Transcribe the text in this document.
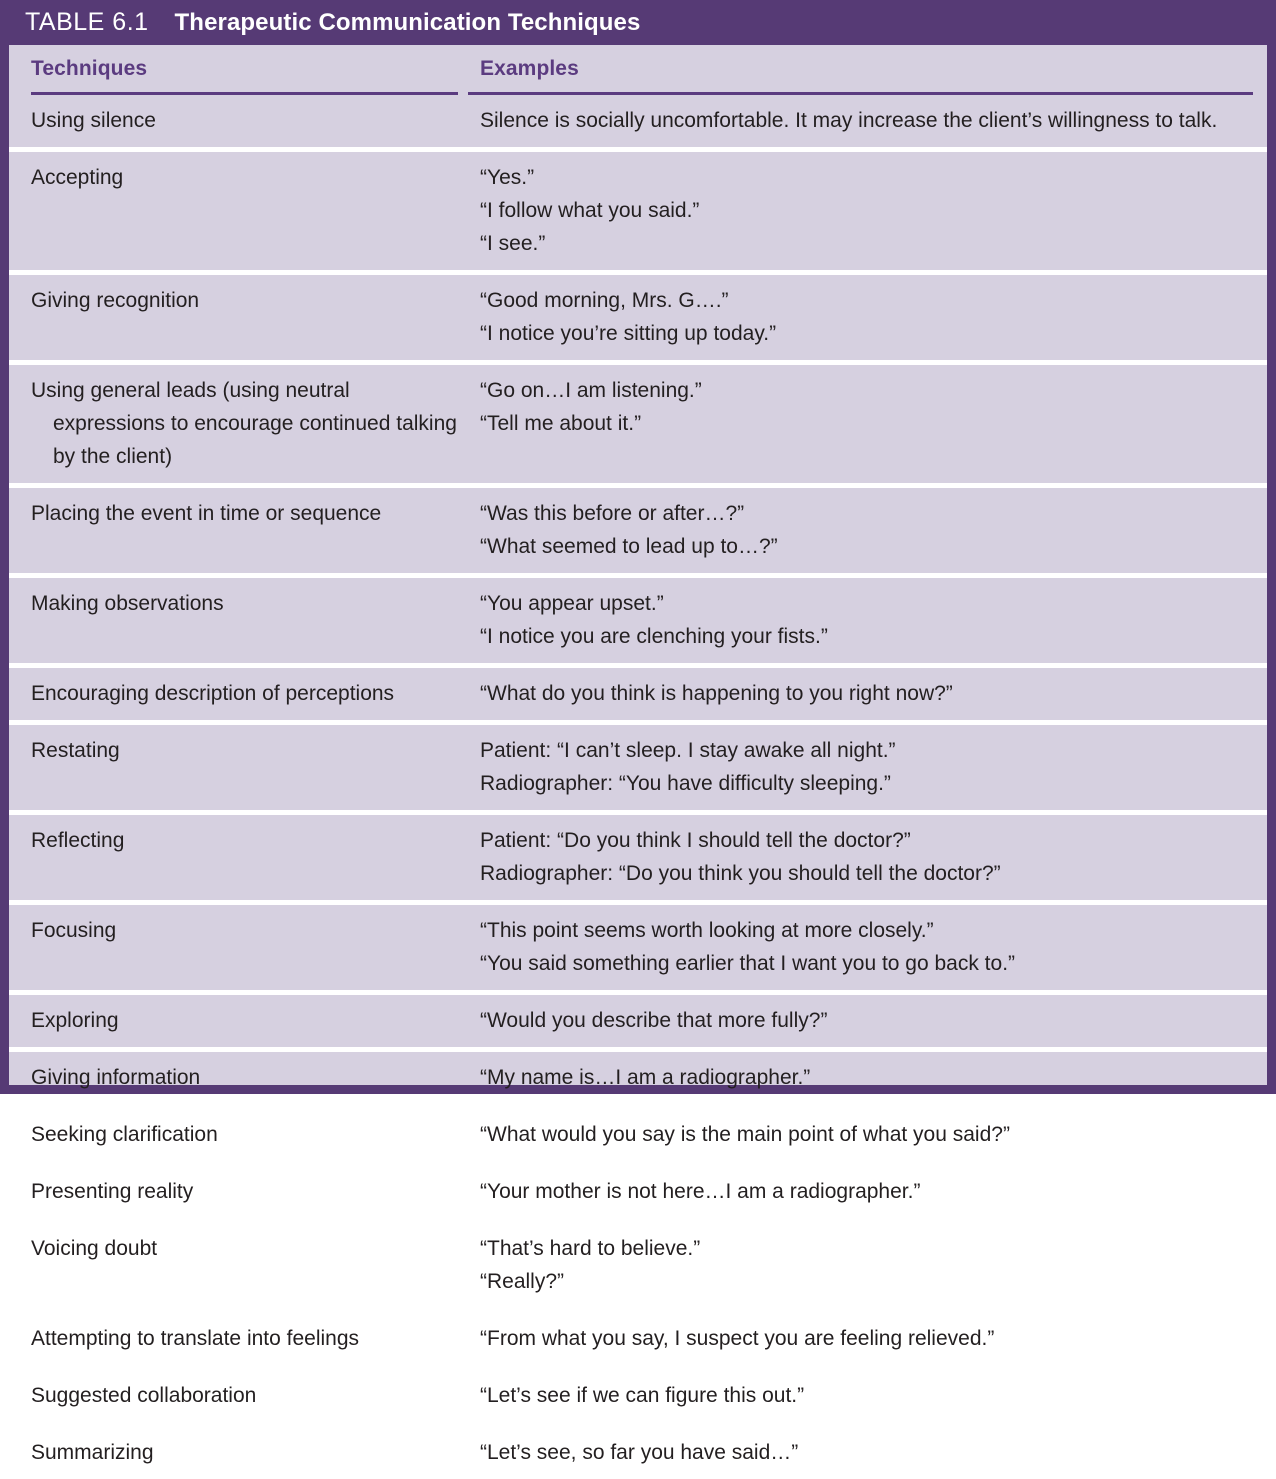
TABLE 6.1 Therapeutic Communication Techniques
Techniques	Examples

Using silence	Silence is socially uncomfortable. It may increase the client’s willingness to talk.

Accepting	“Yes.”
“I follow what you said.”
“I see.”

Giving recognition	“Good morning, Mrs. G….”
“I notice you’re sitting up today.”

Using general leads (using neutral expressions to encourage continued talking by the client)	“Go on…I am listening.”
“Tell me about it.”

Placing the event in time or sequence	“Was this before or after…?”
“What seemed to lead up to…?”

Making observations	“You appear upset.”
“I notice you are clenching your fists.”

Encouraging description of perceptions	“What do you think is happening to you right now?”

Restating	Patient: “I can’t sleep. I stay awake all night.”
Radiographer: “You have difficulty sleeping.”

Reflecting	Patient: “Do you think I should tell the doctor?”
Radiographer: “Do you think you should tell the doctor?”

Focusing	“This point seems worth looking at more closely.”
“You said something earlier that I want you to go back to.”

Exploring	“Would you describe that more fully?”

Giving information	“My name is…I am a radiographer.”

Seeking clarification	“What would you say is the main point of what you said?”

Presenting reality	“Your mother is not here…I am a radiographer.”

Voicing doubt	“That’s hard to believe.”
“Really?”

Attempting to translate into feelings	“From what you say, I suspect you are feeling relieved.”

Suggested collaboration	“Let’s see if we can figure this out.”

Summarizing	“Let’s see, so far you have said…”
